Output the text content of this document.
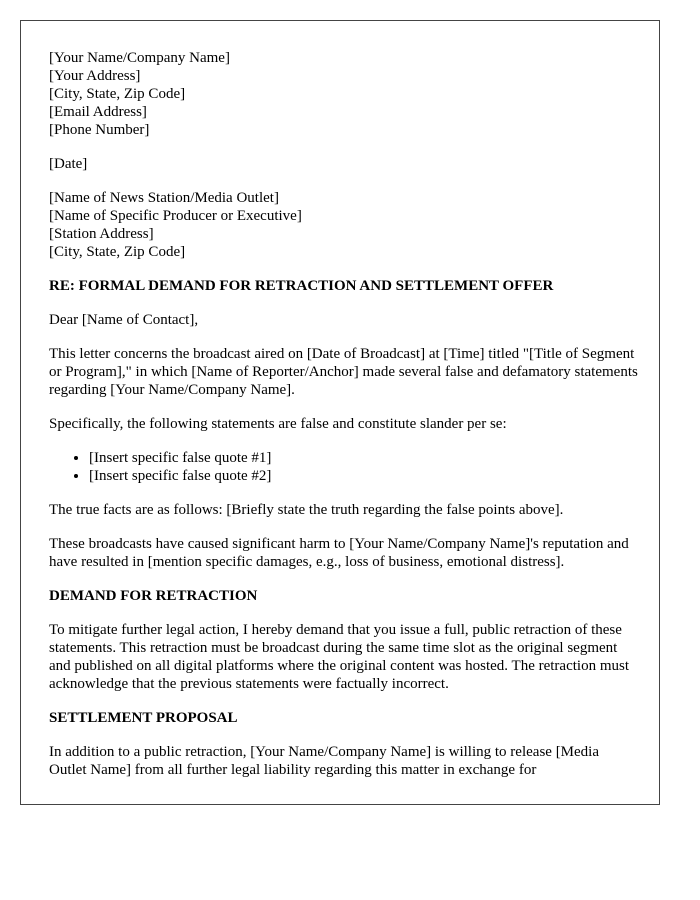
[Your Name/Company Name]
[Your Address]
[City, State, Zip Code]
[Email Address]
[Phone Number]

[Date]

[Name of News Station/Media Outlet]
[Name of Specific Producer or Executive]
[Station Address]
[City, State, Zip Code]
RE: FORMAL DEMAND FOR RETRACTION AND SETTLEMENT OFFER

Dear [Name of Contact],

This letter concerns the broadcast aired on [Date of Broadcast] at [Time] titled "[Title of Segment or Program]," in which [Name of Reporter/Anchor] made several false and defamatory statements regarding [Your Name/Company Name].

Specifically, the following statements are false and constitute slander per se:

• [Insert specific false quote #1]
• [Insert specific false quote #2]

The true facts are as follows: [Briefly state the truth regarding the false points above].

These broadcasts have caused significant harm to [Your Name/Company Name]'s reputation and have resulted in [mention specific damages, e.g., loss of business, emotional distress].

DEMAND FOR RETRACTION

To mitigate further legal action, I hereby demand that you issue a full, public retraction of these statements. This retraction must be broadcast during the same time slot as the original segment and published on all digital platforms where the original content was hosted. The retraction must acknowledge that the previous statements were factually incorrect.

SETTLEMENT PROPOSAL

In addition to a public retraction, [Your Name/Company Name] is willing to release [Media Outlet Name] from all further legal liability regarding this matter in exchange for
